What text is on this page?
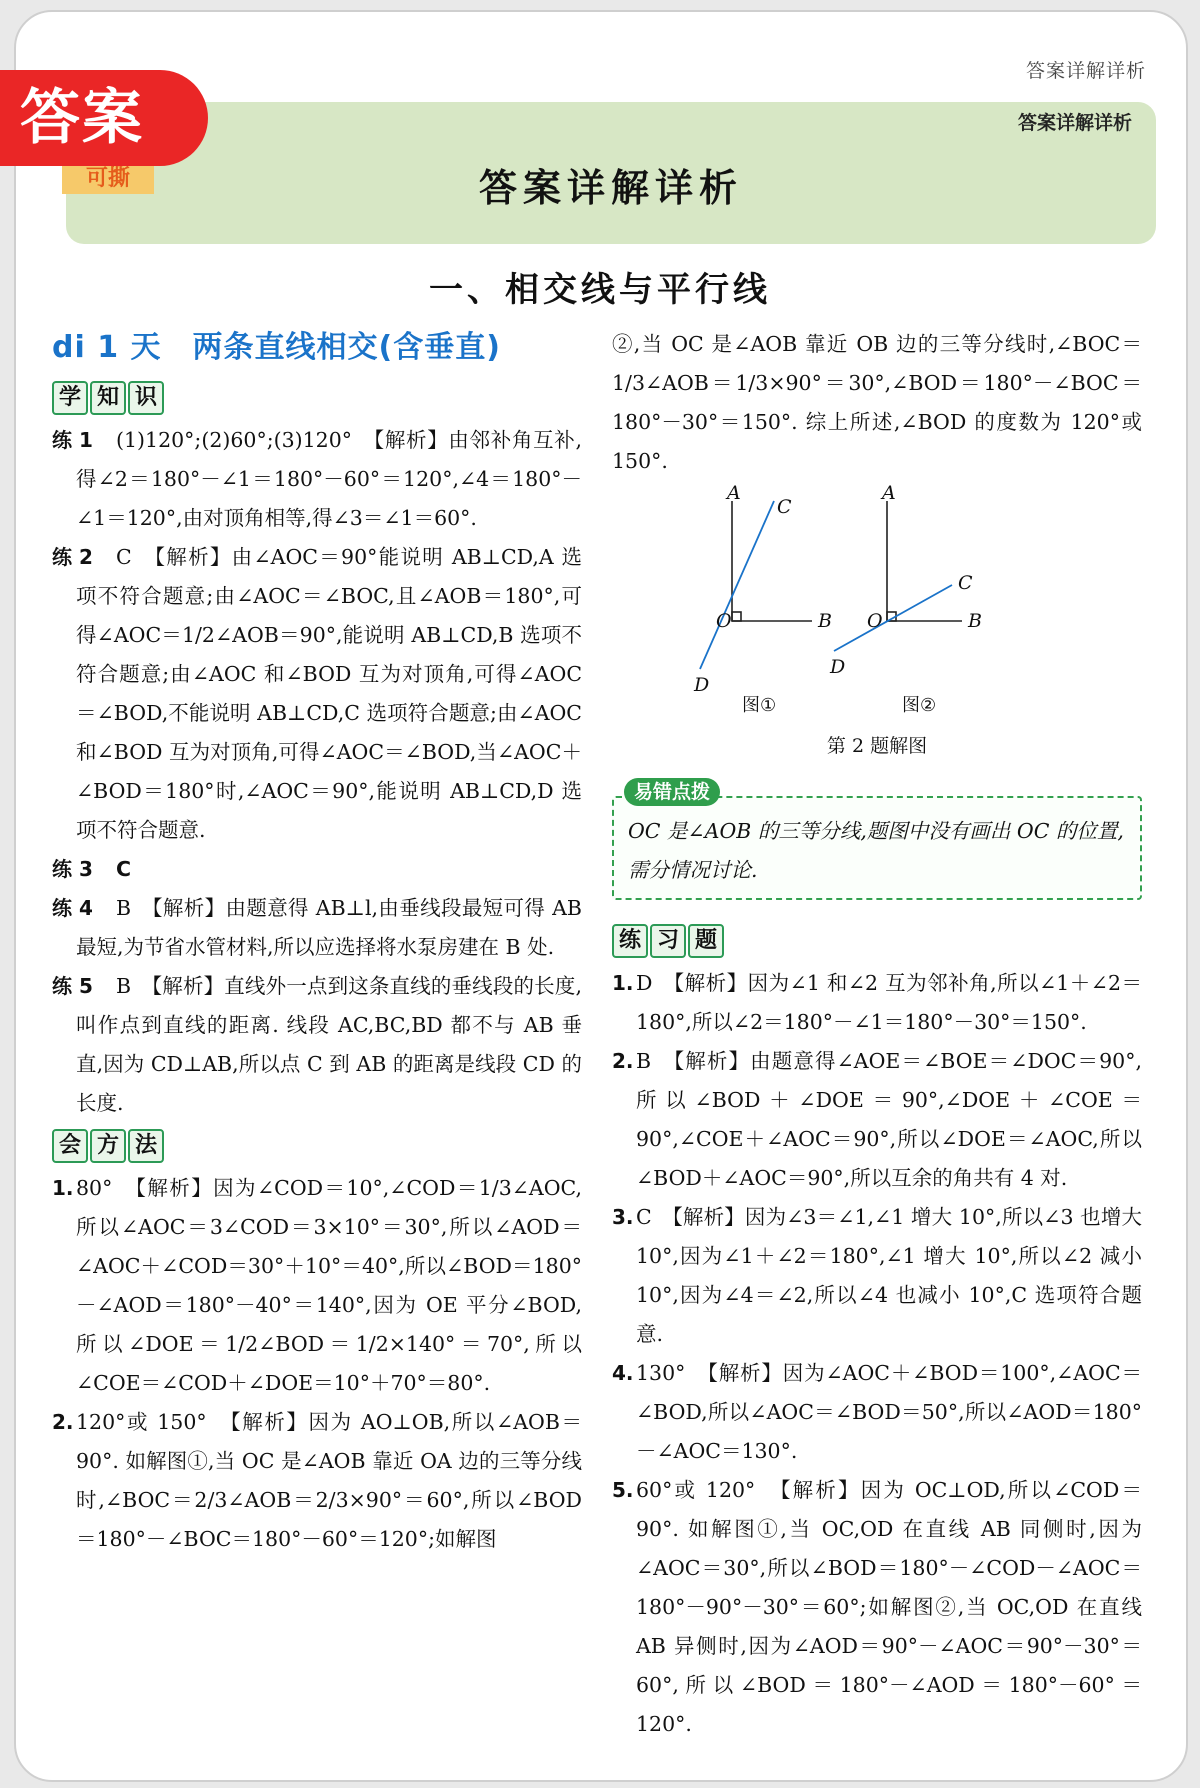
答案详解详析
答案详解详析
答案详解详析
答案
可撕
一、相交线与平行线
di 1 天　两条直线相交(含垂直)
学 知 识
练 1 (1)120°;(2)60°;(3)120°　【解析】由邻补角互补,得∠2＝180°－∠1＝180°－60°＝120°,∠4＝180°－∠1＝120°,由对顶角相等,得∠3＝∠1＝60°.
练 2 C　【解析】由∠AOC＝90°能说明 AB⊥CD,A 选项不符合题意;由∠AOC＝∠BOC,且∠AOB＝180°,可得∠AOC＝1/2∠AOB＝90°,能说明 AB⊥CD,B 选项不符合题意;由∠AOC 和∠BOD 互为对顶角,可得∠AOC＝∠BOD,不能说明 AB⊥CD,C 选项符合题意;由∠AOC 和∠BOD 互为对顶角,可得∠AOC＝∠BOD,当∠AOC＋∠BOD＝180°时,∠AOC＝90°,能说明 AB⊥CD,D 选项不符合题意.
练 3 C
练 4 B　【解析】由题意得 AB⊥l,由垂线段最短可得 AB 最短,为节省水管材料,所以应选择将水泵房建在 B 处.
练 5 B　【解析】直线外一点到这条直线的垂线段的长度,叫作点到直线的距离. 线段 AC,BC,BD 都不与 AB 垂直,因为 CD⊥AB,所以点 C 到 AB 的距离是线段 CD 的长度.
会 方 法
1. 80°　【解析】因为∠COD＝10°,∠COD＝1/3∠AOC,所以∠AOC＝3∠COD＝3×10°＝30°,所以∠AOD＝∠AOC＋∠COD＝30°＋10°＝40°,所以∠BOD＝180°－∠AOD＝180°－40°＝140°,因为 OE 平分∠BOD,所以∠DOE＝1/2∠BOD＝1/2×140°＝70°,所以∠COE＝∠COD＋∠DOE＝10°＋70°＝80°.
2. 120°或 150°　【解析】因为 AO⊥OB,所以∠AOB＝90°. 如解图①,当 OC 是∠AOB 靠近 OA 边的三等分线时,∠BOC＝2/3∠AOB＝2/3×90°＝60°,所以∠BOD＝180°－∠BOC＝180°－60°＝120°;如解图
②,当 OC 是∠AOB 靠近 OB 边的三等分线时,∠BOC＝1/3∠AOB＝1/3×90°＝30°,∠BOD＝180°－∠BOC＝180°－30°＝150°. 综上所述,∠BOD 的度数为 120°或 150°.
A
C
O	B
D
A
C
O	B
D
图①	图②
第 2 题解图
易错点拨
OC 是∠AOB 的三等分线,题图中没有画出 OC 的位置,需分情况讨论.
练 习 题
1. D　【解析】因为∠1 和∠2 互为邻补角,所以∠1＋∠2＝180°,所以∠2＝180°－∠1＝180°－30°＝150°.
2. B　【解析】由题意得∠AOE＝∠BOE＝∠DOC＝90°,所以∠BOD＋∠DOE＝90°,∠DOE＋∠COE＝90°,∠COE＋∠AOC＝90°,所以∠DOE＝∠AOC,所以∠BOD＋∠AOC＝90°,所以互余的角共有 4 对.
3. C　【解析】因为∠3＝∠1,∠1 增大 10°,所以∠3 也增大 10°,因为∠1＋∠2＝180°,∠1 增大 10°,所以∠2 减小 10°,因为∠4＝∠2,所以∠4 也减小 10°,C 选项符合题意.
4. 130°　【解析】因为∠AOC＋∠BOD＝100°,∠AOC＝∠BOD,所以∠AOC＝∠BOD＝50°,所以∠AOD＝180°－∠AOC＝130°.
5. 60°或 120°　【解析】因为 OC⊥OD,所以∠COD＝90°. 如解图①,当 OC,OD 在直线 AB 同侧时,因为∠AOC＝30°,所以∠BOD＝180°－∠COD－∠AOC＝180°－90°－30°＝60°;如解图②,当 OC,OD 在直线 AB 异侧时,因为∠AOD＝90°－∠AOC＝90°－30°＝60°,所以∠BOD＝180°－∠AOD＝180°－60°＝120°.
